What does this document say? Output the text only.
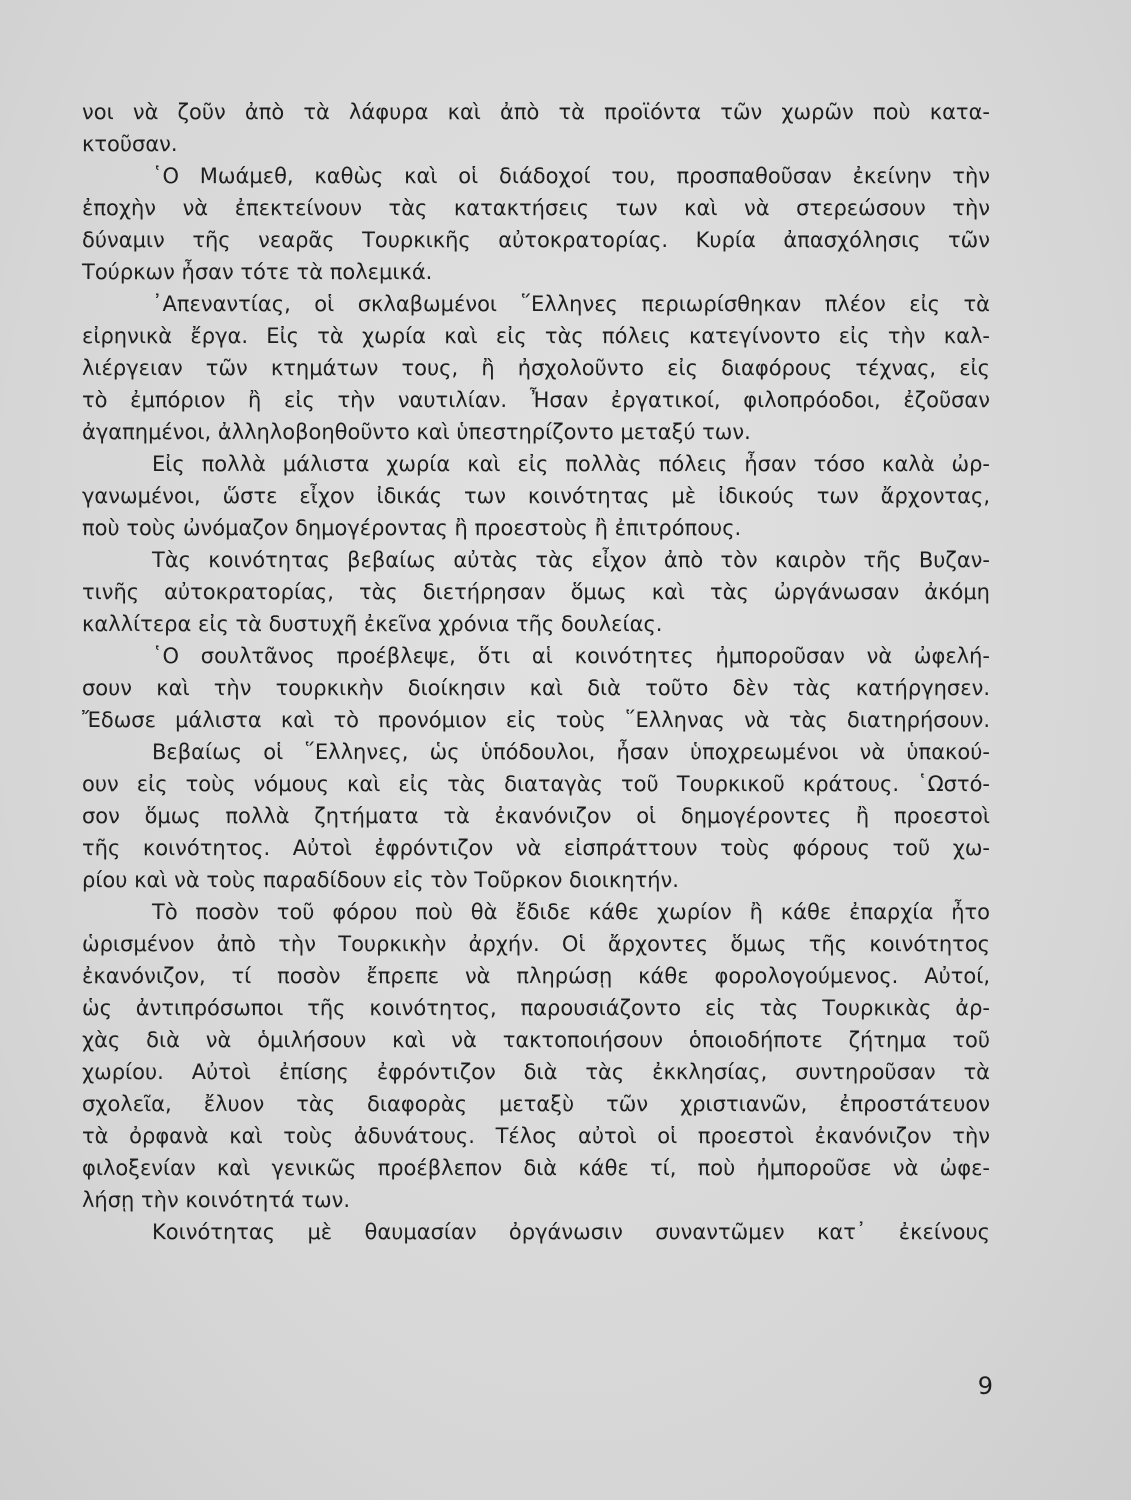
νοι νὰ ζοῦν ἀπὸ τὰ λάφυρα καὶ ἀπὸ τὰ προϊόντα τῶν χωρῶν ποὺ κατα-
κτοῦσαν.
῾Ο Μωάμεθ, καθὼς καὶ οἱ διάδοχοί του, προσπαθοῦσαν ἐκείνην τὴν
ἐποχὴν νὰ ἐπεκτείνουν τὰς κατακτήσεις των καὶ νὰ στερεώσουν τὴν
δύναμιν τῆς νεαρᾶς Τουρκικῆς αὐτοκρατορίας. Κυρία ἀπασχόλησις τῶν
Τούρκων ἦσαν τότε τὰ πολεμικά.
᾿Απεναντίας, οἱ σκλαβωμένοι ῞Ελληνες περιωρίσθηκαν πλέον εἰς τὰ
εἰρηνικὰ ἔργα. Εἰς τὰ χωρία καὶ εἰς τὰς πόλεις κατεγίνοντο εἰς τὴν καλ-
λιέργειαν τῶν κτημάτων τους, ἢ ἠσχολοῦντο εἰς διαφόρους τέχνας, εἰς
τὸ ἐμπόριον ἢ εἰς τὴν ναυτιλίαν. Ἦσαν ἐργατικοί, φιλοπρόοδοι, ἐζοῦσαν
ἀγαπημένοι, ἀλληλοβοηθοῦντο καὶ ὑπεστηρίζοντο μεταξύ των.
Εἰς πολλὰ μάλιστα χωρία καὶ εἰς πολλὰς πόλεις ἦσαν τόσο καλὰ ὠρ-
γανωμένοι, ὥστε εἶχον ἰδικάς των κοινότητας μὲ ἰδικούς των ἄρχοντας,
ποὺ τοὺς ὠνόμαζον δημογέροντας ἢ προεστοὺς ἢ ἐπιτρόπους.
Τὰς κοινότητας βεβαίως αὐτὰς τὰς εἶχον ἀπὸ τὸν καιρὸν τῆς Βυζαν-
τινῆς αὐτοκρατορίας, τὰς διετήρησαν ὅμως καὶ τὰς ὠργάνωσαν ἀκόμη
καλλίτερα εἰς τὰ δυστυχῆ ἐκεῖνα χρόνια τῆς δουλείας.
῾Ο σουλτᾶνος προέβλεψε, ὅτι αἱ κοινότητες ἠμποροῦσαν νὰ ὠφελή-
σουν καὶ τὴν τουρκικὴν διοίκησιν καὶ διὰ τοῦτο δὲν τὰς κατήργησεν.
Ἔδωσε μάλιστα καὶ τὸ προνόμιον εἰς τοὺς ῞Ελληνας νὰ τὰς διατηρήσουν.
Βεβαίως οἱ ῞Ελληνες, ὡς ὑπόδουλοι, ἦσαν ὑποχρεωμένοι νὰ ὑπακού-
ουν εἰς τοὺς νόμους καὶ εἰς τὰς διαταγὰς τοῦ Τουρκικοῦ κράτους. ῾Ωστό-
σον ὅμως πολλὰ ζητήματα τὰ ἐκανόνιζον οἱ δημογέροντες ἢ προεστοὶ
τῆς κοινότητος. Αὐτοὶ ἐφρόντιζον νὰ εἰσπράττουν τοὺς φόρους τοῦ χω-
ρίου καὶ νὰ τοὺς παραδίδουν εἰς τὸν Τοῦρκον διοικητήν.
Τὸ ποσὸν τοῦ φόρου ποὺ θὰ ἔδιδε κάθε χωρίον ἢ κάθε ἐπαρχία ἦτο
ὡρισμένον ἀπὸ τὴν Τουρκικὴν ἀρχήν. Οἱ ἄρχοντες ὅμως τῆς κοινότητος
ἐκανόνιζον, τί ποσὸν ἔπρεπε νὰ πληρώσῃ κάθε φορολογούμενος. Αὐτοί,
ὡς ἀντιπρόσωποι τῆς κοινότητος, παρουσιάζοντο εἰς τὰς Τουρκικὰς ἀρ-
χὰς διὰ νὰ ὁμιλήσουν καὶ νὰ τακτοποιήσουν ὁποιοδήποτε ζήτημα τοῦ
χωρίου. Αὐτοὶ ἐπίσης ἐφρόντιζον διὰ τὰς ἐκκλησίας, συντηροῦσαν τὰ
σχολεῖα, ἔλυον τὰς διαφορὰς μεταξὺ τῶν χριστιανῶν, ἐπροστάτευον
τὰ ὀρφανὰ καὶ τοὺς ἀδυνάτους. Τέλος αὐτοὶ οἱ προεστοὶ ἐκανόνιζον τὴν
φιλοξενίαν καὶ γενικῶς προέβλεπον διὰ κάθε τί, ποὺ ἠμποροῦσε νὰ ὠφε-
λήσῃ τὴν κοινότητά των.
Κοινότητας μὲ θαυμασίαν ὀργάνωσιν συναντῶμεν κατ᾿ ἐκείνους
9
